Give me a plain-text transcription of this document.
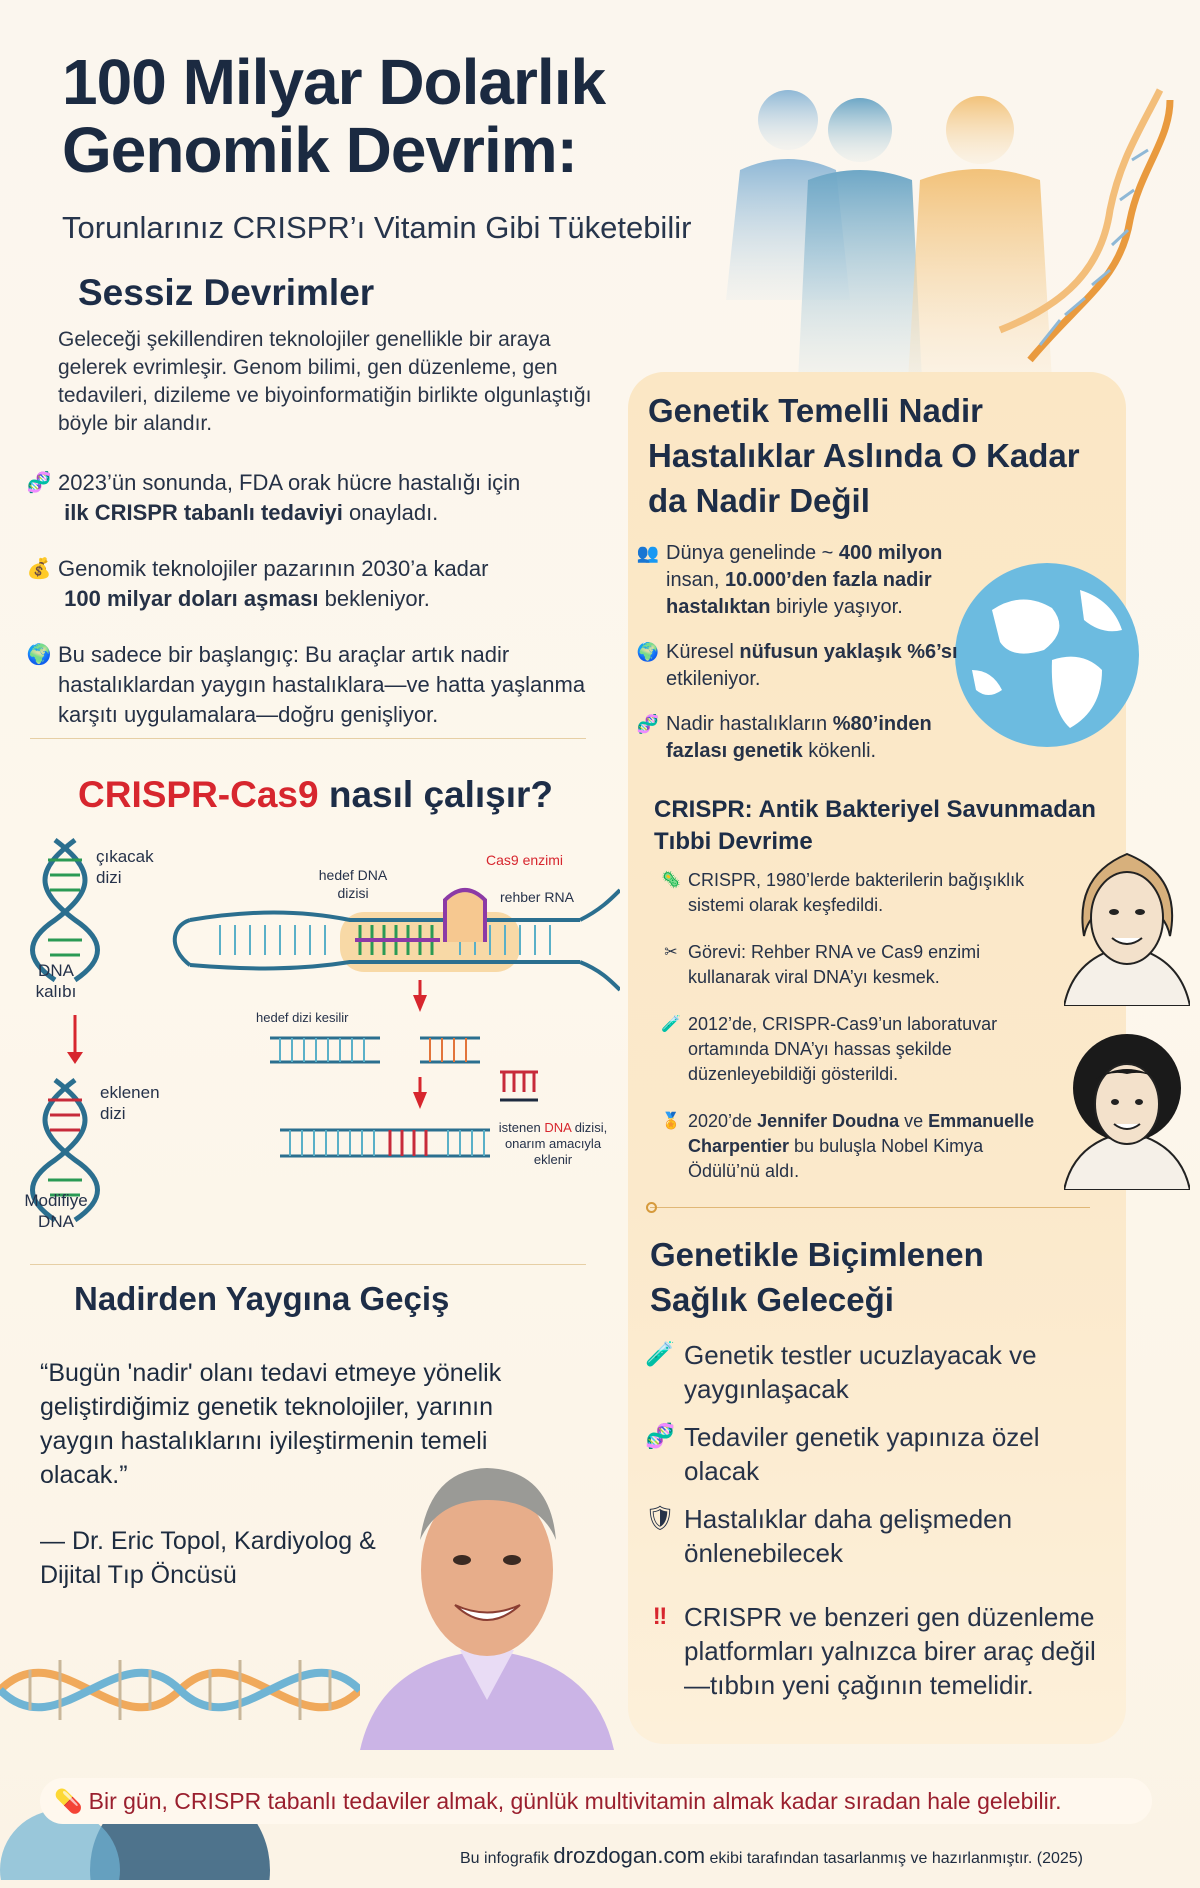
100 Milyar Dolarlık Genomik Devrim:
Torunlarınız CRISPR’ı Vitamin Gibi Tüketebilir
Sessiz Devrimler
Geleceği şekillendiren teknolojiler genellikle bir araya gelerek evrimleşir. Genom bilimi, gen düzenleme, gen tedavileri, dizileme ve biyoinformatiğin birlikte olgunlaştığı böyle bir alandır.
🧬 2023’ün sonunda, FDA orak hücre hastalığı için
ilk CRISPR tabanlı tedaviyi onayladı.
💰 Genomik teknolojiler pazarının 2030’a kadar
100 milyar doları aşması bekleniyor.
🌍 Bu sadece bir başlangıç: Bu araçlar artık nadir hastalıklardan yaygın hastalıklara—ve hatta yaşlanma karşıtı uygulamalara—doğru genişliyor.
CRISPR-Cas9 nasıl çalışır?
çıkacak dizi
DNA kalıbı
eklenen dizi
Modifiye DNA
hedef DNA dizisi
Cas9 enzimi
rehber RNA
hedef dizi kesilir
istenen DNA dizisi, onarım amacıyla eklenir
Nadirden Yaygına Geçiş
“Bugün 'nadir' olanı tedavi etmeye yönelik geliştirdiğimiz genetik teknolojiler, yarının yaygın hastalıklarını iyileştirmenin temeli olacak.”
— Dr. Eric Topol, Kardiyolog & Dijital Tıp Öncüsü
Genetik Temelli Nadir Hastalıklar Aslında O Kadar da Nadir Değil
👥 Dünya genelinde ~ 400 milyon insan, 10.000’den fazla nadir hastalıktan biriyle yaşıyor.
🌍 Küresel nüfusun yaklaşık %6’sı etkileniyor.
🧬 Nadir hastalıkların %80’inden fazlası genetik kökenli.
CRISPR: Antik Bakteriyel Savunmadan Tıbbi Devrime
🦠 CRISPR, 1980’lerde bakterilerin bağışıklık sistemi olarak keşfedildi.
✂ Görevi: Rehber RNA ve Cas9 enzimi kullanarak viral DNA’yı kesmek.
🧪 2012’de, CRISPR-Cas9’un laboratuvar ortamında DNA’yı hassas şekilde düzenleyebildiği gösterildi.
🏅 2020’de Jennifer Doudna ve Emmanuelle Charpentier bu buluşla Nobel Kimya Ödülü’nü aldı.
Genetikle Biçimlenen Sağlık Geleceği
🧪 Genetik testler ucuzlayacak ve yaygınlaşacak
🧬 Tedaviler genetik yapınıza özel olacak
🛡 Hastalıklar daha gelişmeden önlenebilecek
‼ CRISPR ve benzeri gen düzenleme platformları yalnızca birer araç değil —tıbbın yeni çağının temelidir.
💊 Bir gün, CRISPR tabanlı tedaviler almak, günlük multivitamin almak kadar sıradan hale gelebilir.
Bu infografik drozdogan.com ekibi tarafından tasarlanmış ve hazırlanmıştır. (2025)
